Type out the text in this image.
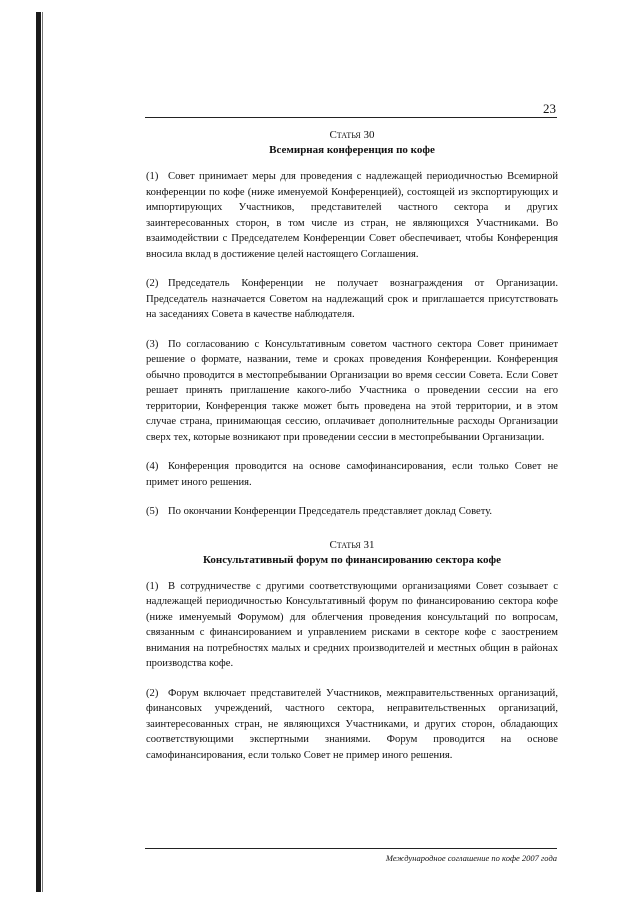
23

Статья 30

Всемирная конференция по кофе

(1) Совет принимает меры для проведения с надлежащей периодичностью Всемирной конференции по кофе (ниже именуемой Конференцией), состоящей из экспортирующих и импортирующих Участников, представителей частного сектора и других заинтересованных сторон, в том числе из стран, не являющихся Участниками. Во взаимодействии с Председателем Конференции Совет обеспечивает, чтобы Конференция вносила вклад в достижение целей настоящего Соглашения.

(2) Председатель Конференции не получает вознаграждения от Организации. Председатель назначается Советом на надлежащий срок и приглашается присутствовать на заседаниях Совета в качестве наблюдателя.

(3) По согласованию с Консультативным советом частного сектора Совет принимает решение о формате, названии, теме и сроках проведения Конференции. Конференция обычно проводится в местопребывании Организации во время сессии Совета. Если Совет решает принять приглашение какого-либо Участника о проведении сессии на его территории, Конференция также может быть проведена на этой территории, и в этом случае страна, принимающая сессию, оплачивает дополнительные расходы Организации сверх тех, которые возникают при проведении сессии в местопребывании Организации.

(4) Конференция проводится на основе самофинансирования, если только Совет не примет иного решения.

(5) По окончании Конференции Председатель представляет доклад Совету.

Статья 31

Консультативный форум по финансированию сектора кофе

(1) В сотрудничестве с другими соответствующими организациями Совет созывает с надлежащей периодичностью Консультативный форум по финансированию сектора кофе (ниже именуемый Форумом) для облегчения проведения консультаций по вопросам, связанным с финансированием и управлением рисками в секторе кофе с заострением внимания на потребностях малых и средних производителей и местных общин в районах производства кофе.

(2) Форум включает представителей Участников, межправительственных организаций, финансовых учреждений, частного сектора, неправительственных организаций, заинтересованных стран, не являющихся Участниками, и других сторон, обладающих соответствующими экспертными знаниями. Форум проводится на основе самофинансирования, если только Совет не пример иного решения.

Международное соглашение по кофе 2007 года
